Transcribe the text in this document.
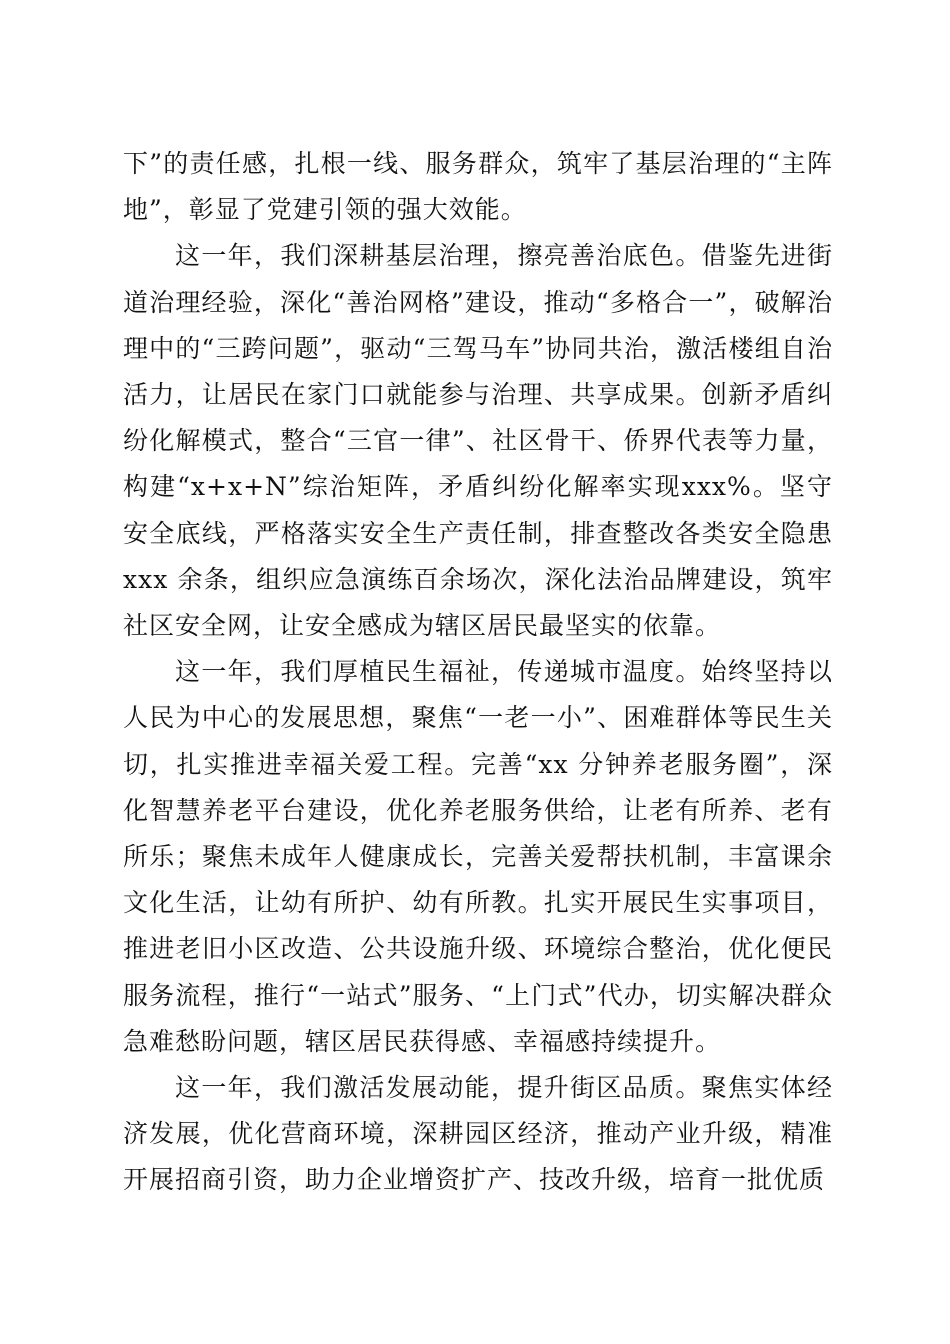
下”的责任感，扎根一线、服务群众，筑牢了基层治理的“主阵地”，彰显了党建引领的强大效能。

这一年，我们深耕基层治理，擦亮善治底色。借鉴先进街道治理经验，深化“善治网格”建设，推动“多格合一”，破解治理中的“三跨问题”，驱动“三驾马车”协同共治，激活楼组自治活力，让居民在家门口就能参与治理、共享成果。创新矛盾纠纷化解模式，整合“三官一律”、社区骨干、侨界代表等力量，构建“x+x+N”综治矩阵，矛盾纠纷化解率实现xxx%。坚守安全底线，严格落实安全生产责任制，排查整改各类安全隐患 xxx 余条，组织应急演练百余场次，深化法治品牌建设，筑牢社区安全网，让安全感成为辖区居民最坚实的依靠。

这一年，我们厚植民生福祉，传递城市温度。始终坚持以人民为中心的发展思想，聚焦“一老一小”、困难群体等民生关切，扎实推进幸福关爱工程。完善“xx 分钟养老服务圈”，深化智慧养老平台建设，优化养老服务供给，让老有所养、老有所乐；聚焦未成年人健康成长，完善关爱帮扶机制，丰富课余文化生活，让幼有所护、幼有所教。扎实开展民生实事项目，推进老旧小区改造、公共设施升级、环境综合整治，优化便民服务流程，推行“一站式”服务、“上门式”代办，切实解决群众急难愁盼问题，辖区居民获得感、幸福感持续提升。

这一年，我们激活发展动能，提升街区品质。聚焦实体经济发展，优化营商环境，深耕园区经济，推动产业升级，精准开展招商引资，助力企业增资扩产、技改升级，培育一批优质
